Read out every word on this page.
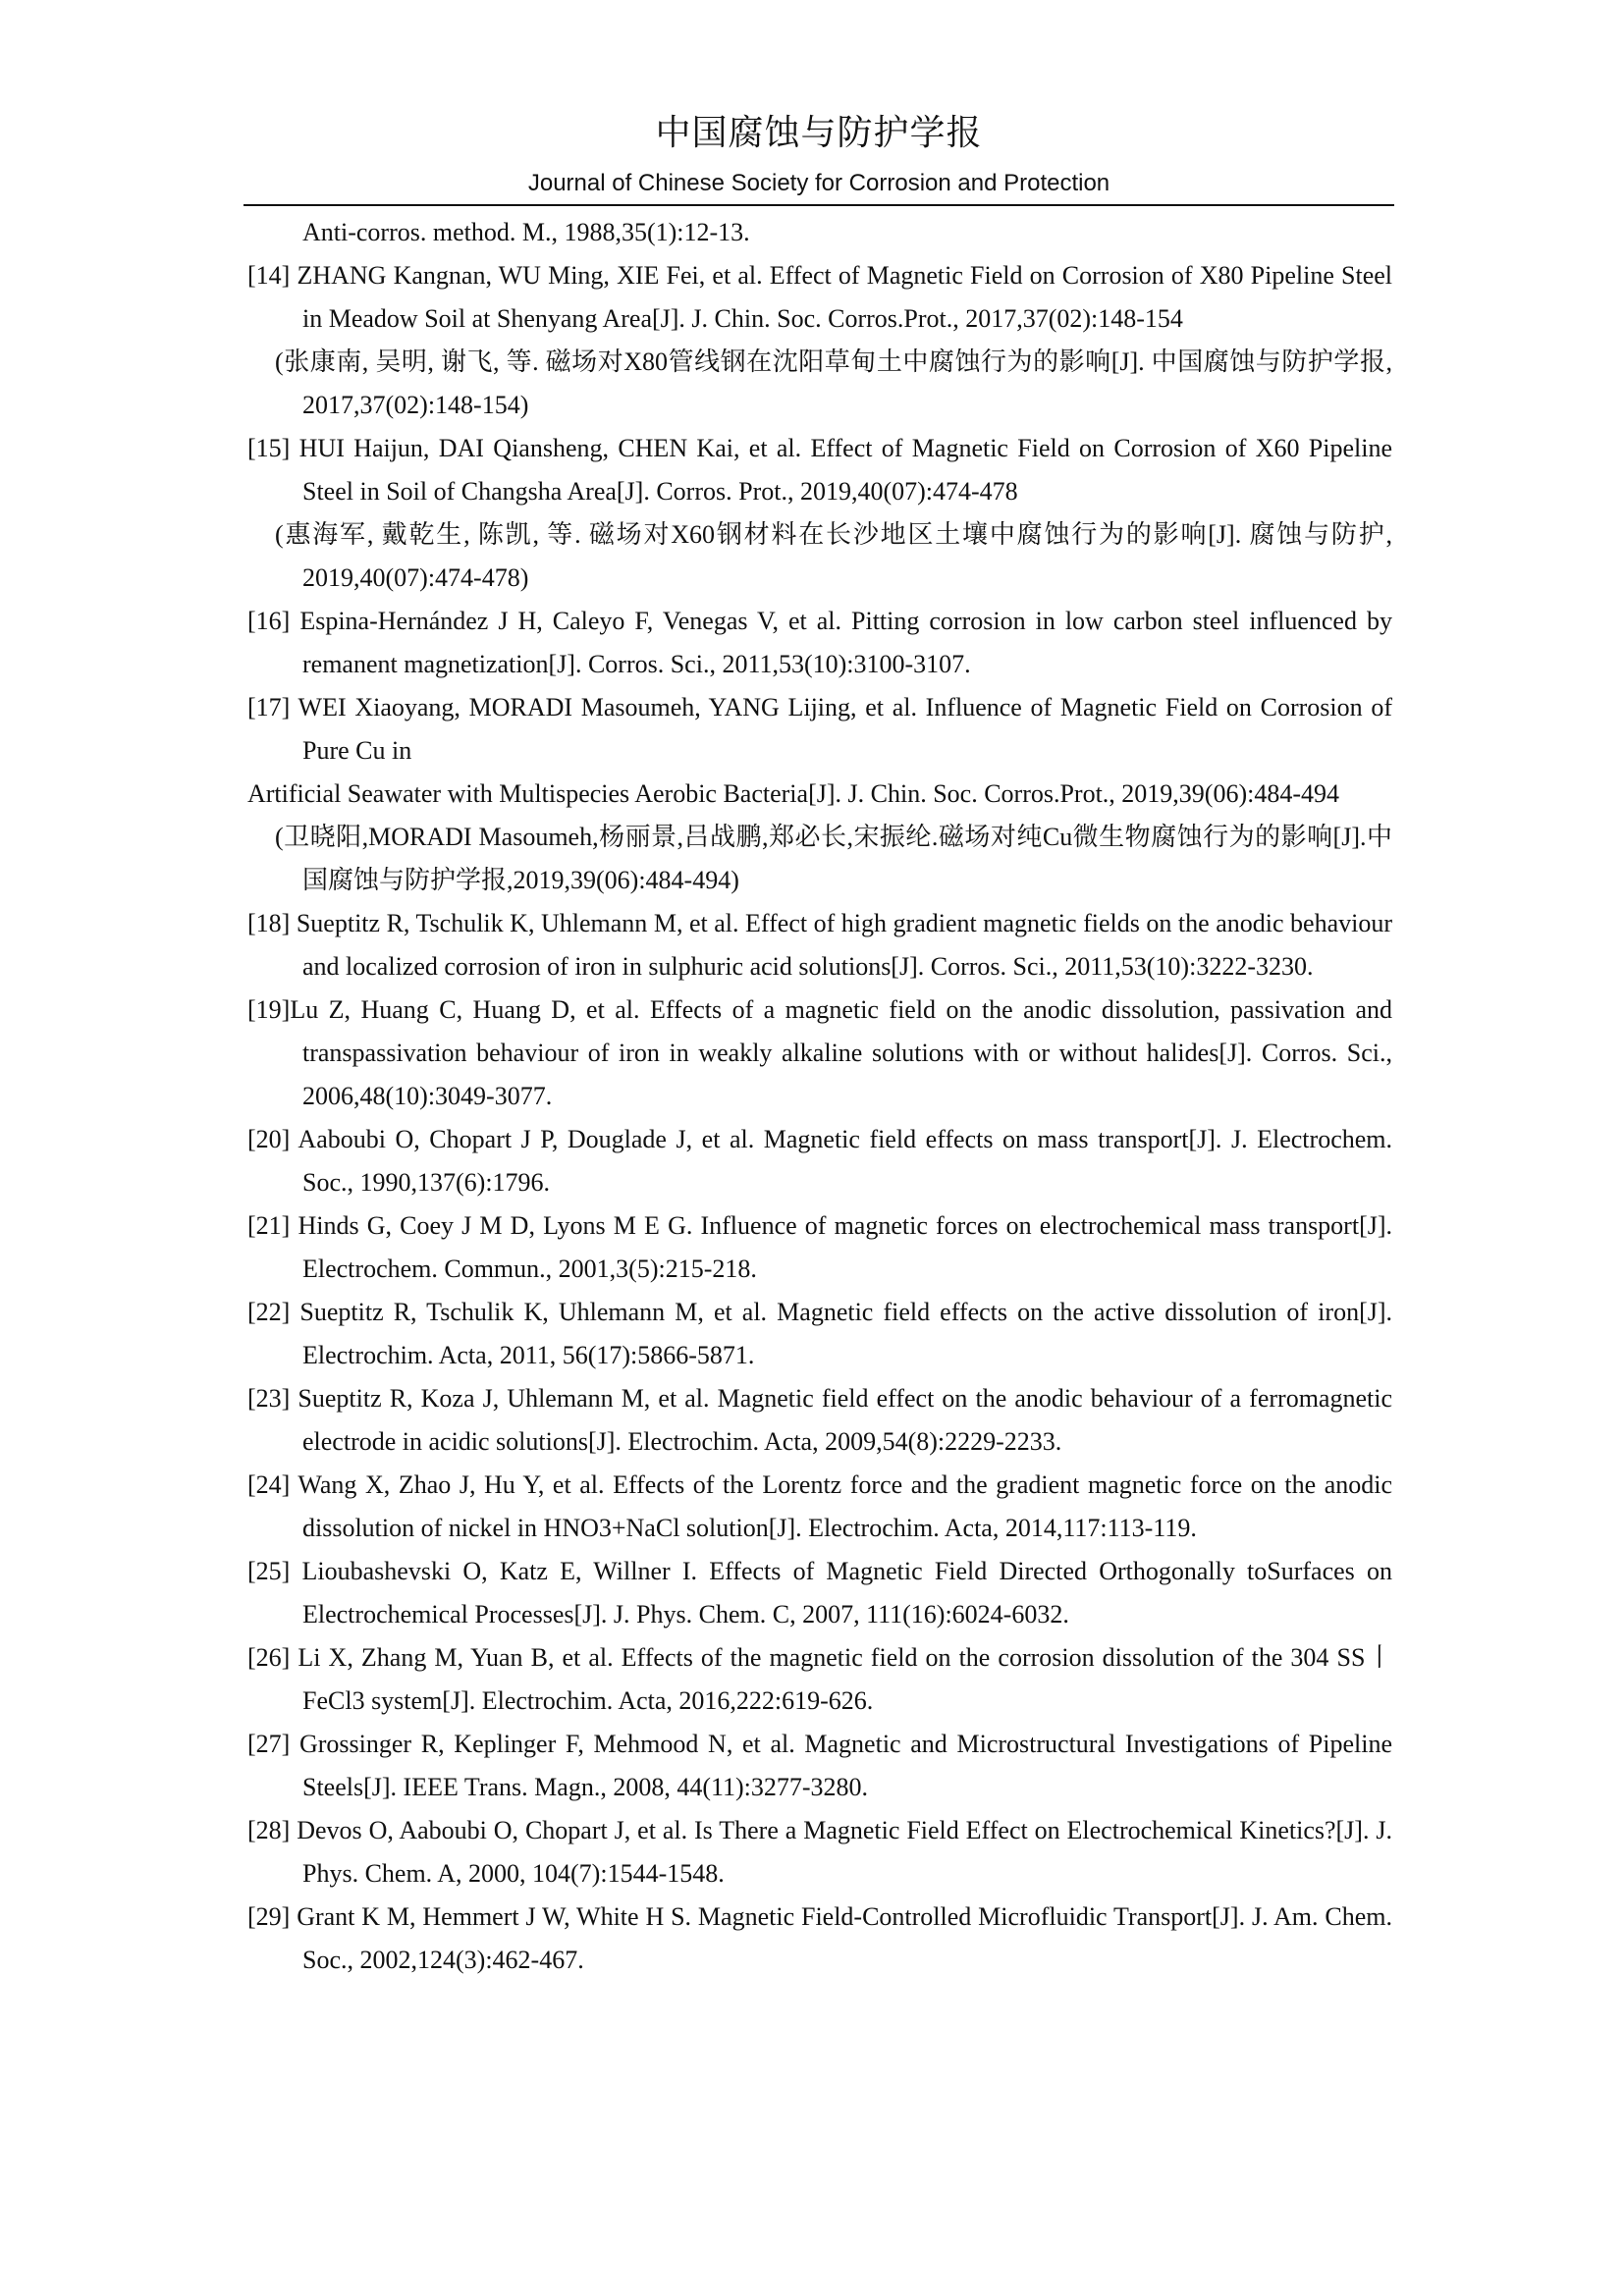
中国腐蚀与防护学报
Journal of Chinese Society for Corrosion and Protection
Anti-corros. method. M., 1988,35(1):12-13.
[14] ZHANG Kangnan, WU Ming, XIE Fei, et al. Effect of Magnetic Field on Corrosion of X80 Pipeline Steel in Meadow Soil at Shenyang Area[J]. J. Chin. Soc. Corros.Prot., 2017,37(02):148-154
(张康南, 吴明, 谢飞, 等. 磁场对X80管线钢在沈阳草甸土中腐蚀行为的影响[J]. 中国腐蚀与防护学报, 2017,37(02):148-154)
[15] HUI Haijun, DAI Qiansheng, CHEN Kai, et al. Effect of Magnetic Field on Corrosion of X60 Pipeline Steel in Soil of Changsha Area[J]. Corros. Prot., 2019,40(07):474-478
(惠海军, 戴乾生, 陈凯, 等. 磁场对X60钢材料在长沙地区土壤中腐蚀行为的影响[J]. 腐蚀与防护, 2019,40(07):474-478)
[16] Espina-Hernández J H, Caleyo F, Venegas V, et al. Pitting corrosion in low carbon steel influenced by remanent magnetization[J]. Corros. Sci., 2011,53(10):3100-3107.
[17] WEI Xiaoyang, MORADI Masoumeh, YANG Lijing, et al. Influence of Magnetic Field on Corrosion of Pure Cu in
Artificial Seawater with Multispecies Aerobic Bacteria[J]. J. Chin. Soc. Corros.Prot., 2019,39(06):484-494
(卫晓阳,MORADI Masoumeh,杨丽景,吕战鹏,郑必长,宋振纶.磁场对纯Cu微生物腐蚀行为的影响[J].中国腐蚀与防护学报,2019,39(06):484-494)
[18] Sueptitz R, Tschulik K, Uhlemann M, et al. Effect of high gradient magnetic fields on the anodic behaviour and localized corrosion of iron in sulphuric acid solutions[J]. Corros. Sci., 2011,53(10):3222-3230.
[19]Lu Z, Huang C, Huang D, et al. Effects of a magnetic field on the anodic dissolution, passivation and transpassivation behaviour of iron in weakly alkaline solutions with or without halides[J]. Corros. Sci., 2006,48(10):3049-3077.
[20] Aaboubi O, Chopart J P, Douglade J, et al. Magnetic field effects on mass transport[J]. J. Electrochem. Soc., 1990,137(6):1796.
[21] Hinds G, Coey J M D, Lyons M E G. Influence of magnetic forces on electrochemical mass transport[J]. Electrochem. Commun., 2001,3(5):215-218.
[22] Sueptitz R, Tschulik K, Uhlemann M, et al. Magnetic field effects on the active dissolution of iron[J]. Electrochim. Acta, 2011, 56(17):5866-5871.
[23] Sueptitz R, Koza J, Uhlemann M, et al. Magnetic field effect on the anodic behaviour of a ferromagnetic electrode in acidic solutions[J]. Electrochim. Acta, 2009,54(8):2229-2233.
[24] Wang X, Zhao J, Hu Y, et al. Effects of the Lorentz force and the gradient magnetic force on the anodic dissolution of nickel in HNO3+NaCl solution[J]. Electrochim. Acta, 2014,117:113-119.
[25] Lioubashevski O, Katz E, Willner I. Effects of Magnetic Field Directed Orthogonally toSurfaces on Electrochemical Processes[J]. J. Phys. Chem. C, 2007, 111(16):6024-6032.
[26] Li X, Zhang M, Yuan B, et al. Effects of the magnetic field on the corrosion dissolution of the 304 SS丨FeCl3 system[J]. Electrochim. Acta, 2016,222:619-626.
[27] Grossinger R, Keplinger F, Mehmood N, et al. Magnetic and Microstructural Investigations of Pipeline Steels[J]. IEEE Trans. Magn., 2008, 44(11):3277-3280.
[28] Devos O, Aaboubi O, Chopart J, et al. Is There a Magnetic Field Effect on Electrochemical Kinetics?[J]. J. Phys. Chem. A, 2000, 104(7):1544-1548.
[29] Grant K M, Hemmert J W, White H S. Magnetic Field-Controlled Microfluidic Transport[J]. J. Am. Chem. Soc., 2002,124(3):462-467.
